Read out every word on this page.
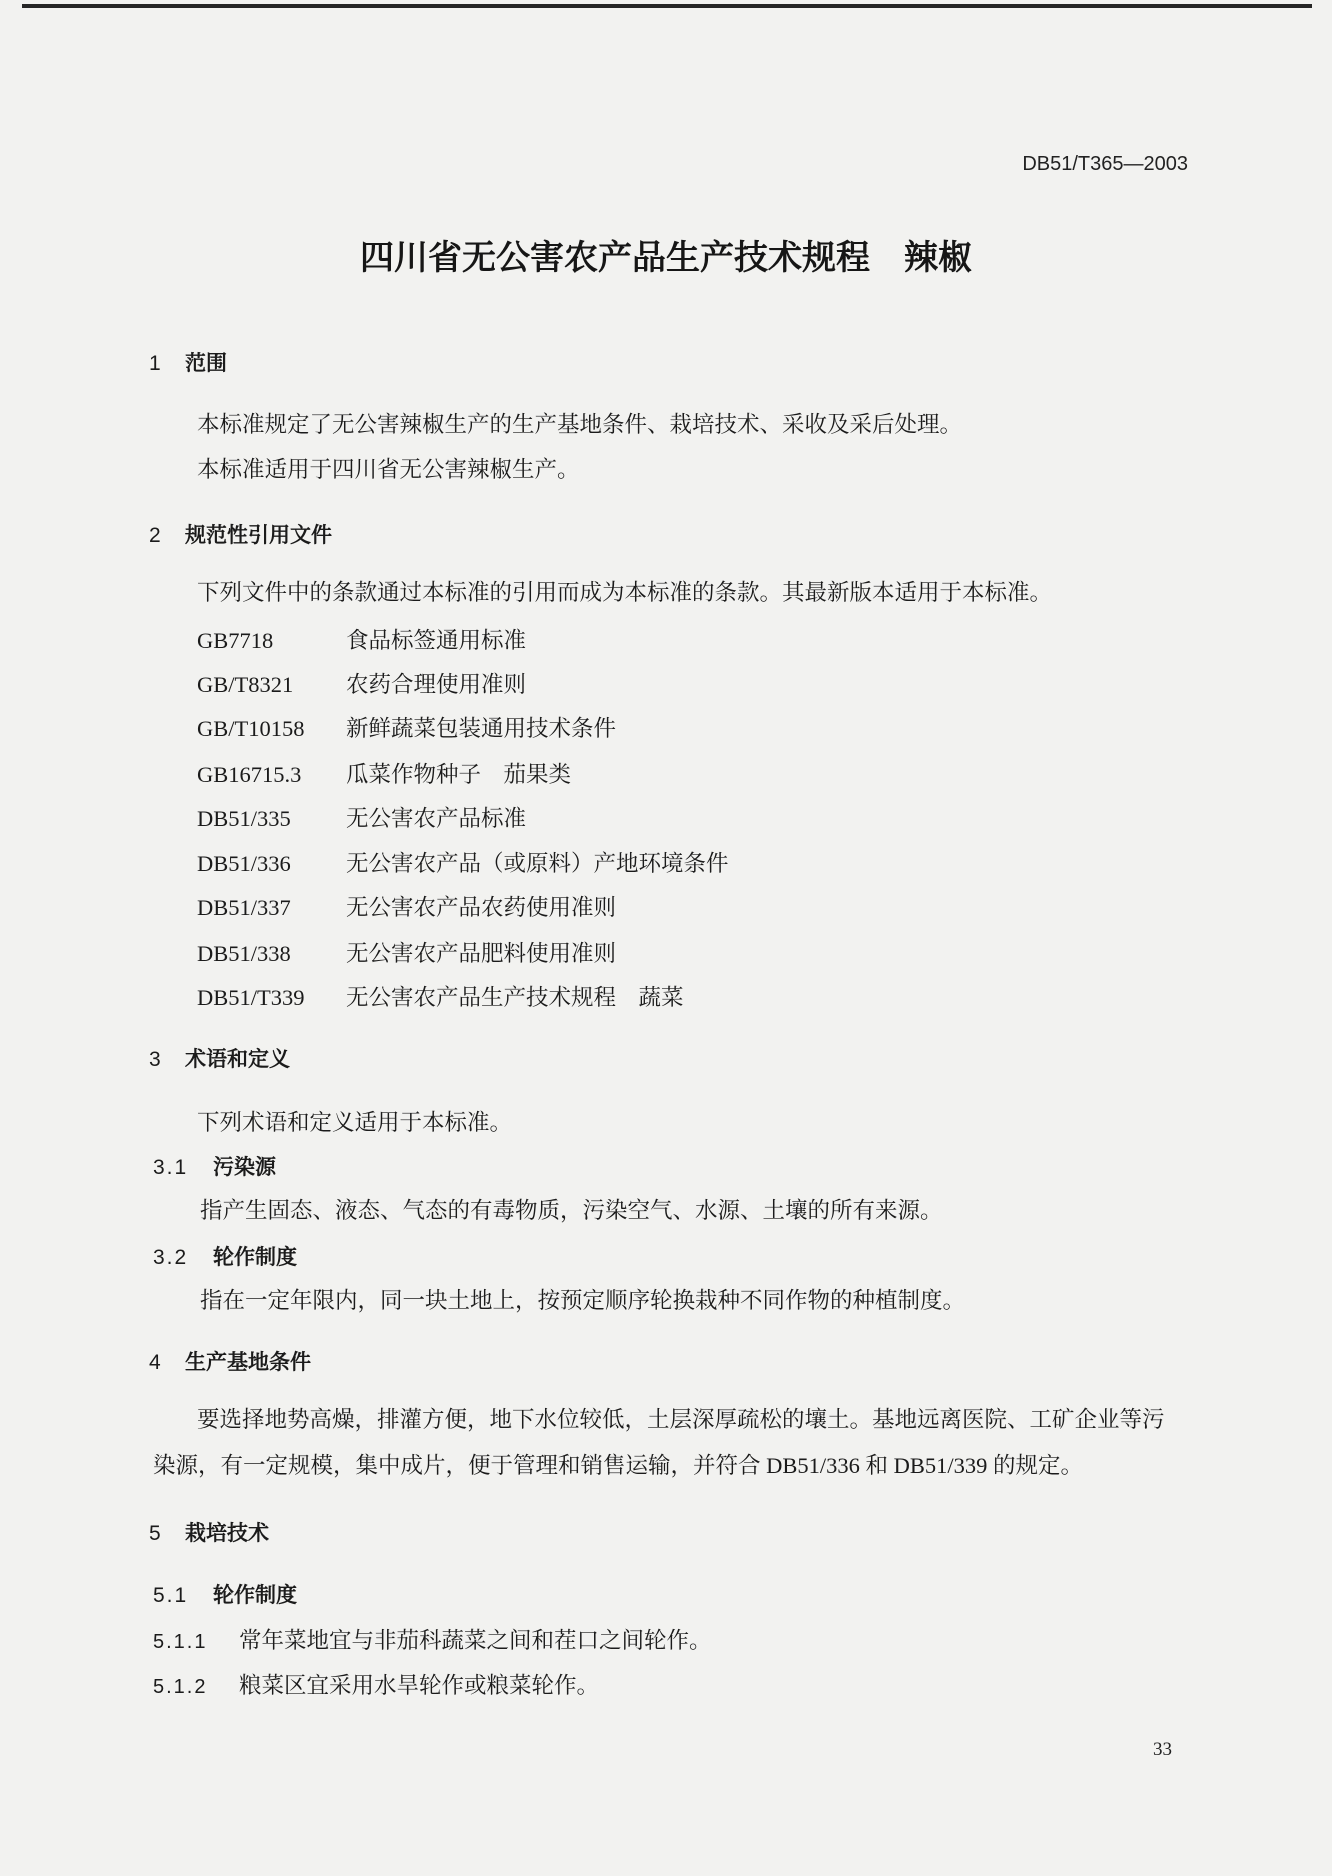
DB51/T365—2003
四川省无公害农产品生产技术规程　辣椒
1 范围
本标准规定了无公害辣椒生产的生产基地条件、栽培技术、采收及采后处理。
本标准适用于四川省无公害辣椒生产。
2 规范性引用文件
下列文件中的条款通过本标准的引用而成为本标准的条款。其最新版本适用于本标准。
GB7718	食品标签通用标准
GB/T8321 农药合理使用准则
GB/T10158 新鲜蔬菜包装通用技术条件
GB16715.3 瓜菜作物种子　茄果类
DB51/335 无公害农产品标准
DB51/336 无公害农产品（或原料）产地环境条件
DB51/337 无公害农产品农药使用准则
DB51/338 无公害农产品肥料使用准则
DB51/T339 无公害农产品生产技术规程　蔬菜
3 术语和定义
下列术语和定义适用于本标准。
3.1 污染源
指产生固态、液态、气态的有毒物质，污染空气、水源、土壤的所有来源。
3.2 轮作制度
指在一定年限内，同一块土地上，按预定顺序轮换栽种不同作物的种植制度。
4 生产基地条件
要选择地势高燥，排灌方便，地下水位较低，土层深厚疏松的壤土。基地远离医院、工矿企业等污
染源，有一定规模，集中成片，便于管理和销售运输，并符合 DB51/336 和 DB51/339 的规定。
5 栽培技术
5.1 轮作制度
5.1.1 常年菜地宜与非茄科蔬菜之间和茬口之间轮作。
5.1.2 粮菜区宜采用水旱轮作或粮菜轮作。
33
